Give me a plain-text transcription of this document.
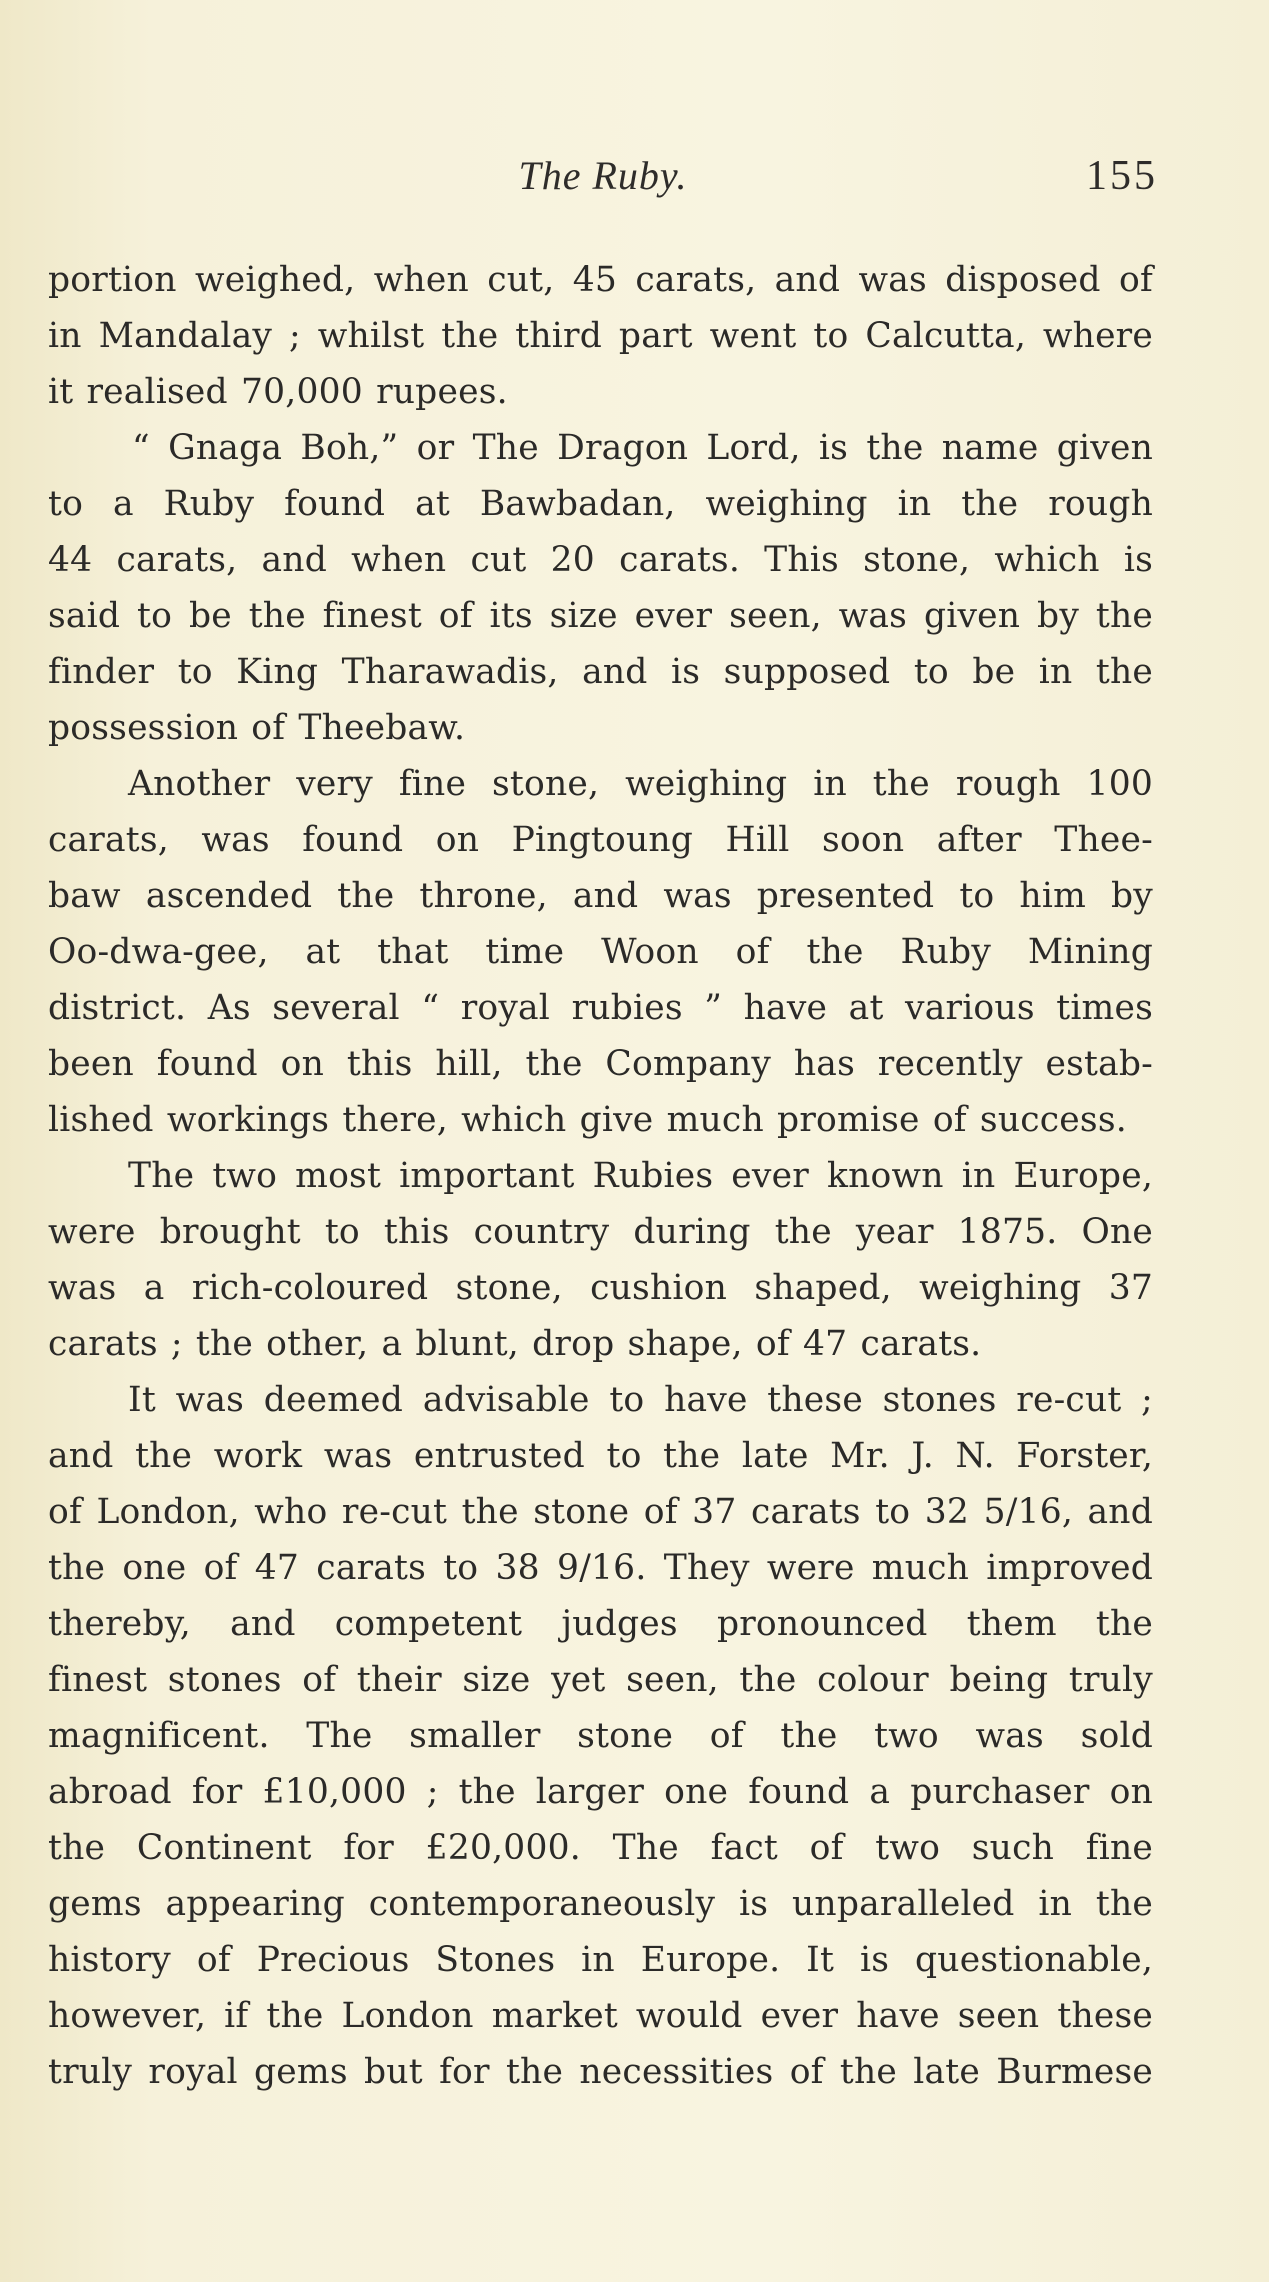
The Ruby.	155
portion weighed, when cut, 45 carats, and was disposed of
in Mandalay ; whilst the third part went to Calcutta, where
it realised 70,000 rupees.
“ Gnaga Boh,” or The Dragon Lord, is the name given
to a Ruby found at Bawbadan, weighing in the rough
44 carats, and when cut 20 carats. This stone, which is
said to be the finest of its size ever seen, was given by the
finder to King Tharawadis, and is supposed to be in the
possession of Theebaw.
Another very fine stone, weighing in the rough 100
carats, was found on Pingtoung Hill soon after Thee-
baw ascended the throne, and was presented to him by
Oo-dwa-gee, at that time Woon of the Ruby Mining
district. As several “ royal rubies ” have at various times
been found on this hill, the Company has recently estab-
lished workings there, which give much promise of success.
The two most important Rubies ever known in Europe,
were brought to this country during the year 1875. One
was a rich-coloured stone, cushion shaped, weighing 37
carats ; the other, a blunt, drop shape, of 47 carats.
It was deemed advisable to have these stones re-cut ;
and the work was entrusted to the late Mr. J. N. Forster,
of London, who re-cut the stone of 37 carats to 32 5/16, and
the one of 47 carats to 38 9/16. They were much improved
thereby, and competent judges pronounced them the
finest stones of their size yet seen, the colour being truly
magnificent. The smaller stone of the two was sold
abroad for £10,000 ; the larger one found a purchaser on
the Continent for £20,000. The fact of two such fine
gems appearing contemporaneously is unparalleled in the
history of Precious Stones in Europe. It is questionable,
however, if the London market would ever have seen these
truly royal gems but for the necessities of the late Burmese
